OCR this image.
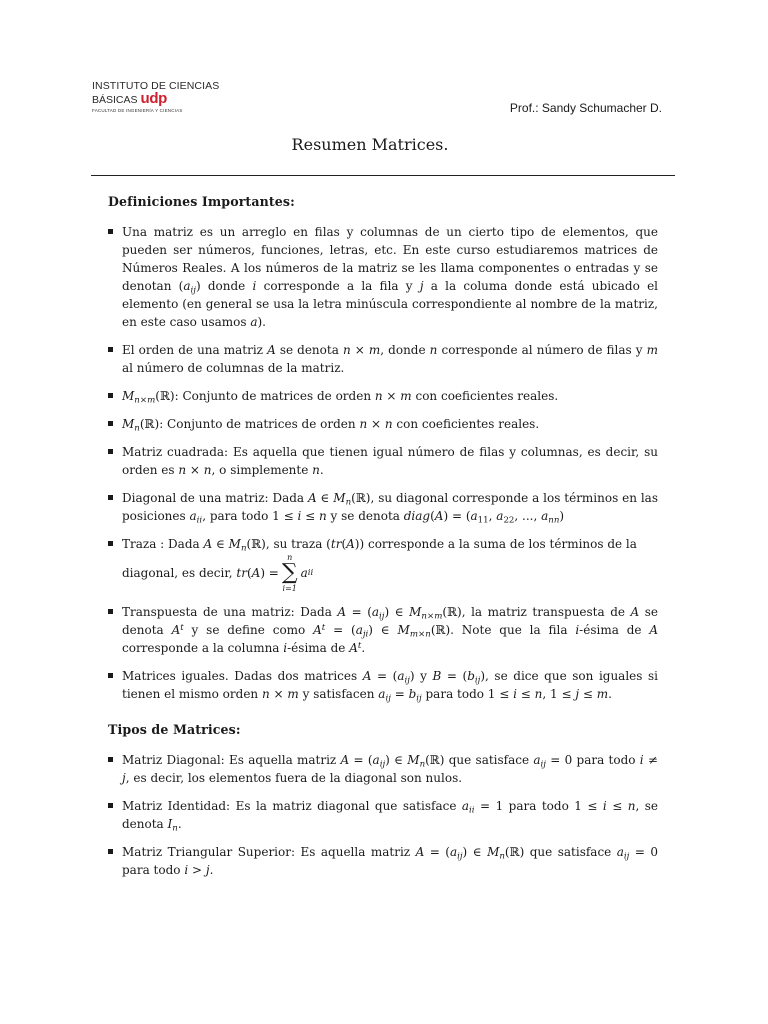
INSTITUTO DE CIENCIAS
BÁSICAS udp
FACULTAD DE INGENIERÍA Y CIENCIAS	Prof.: Sandy Schumacher D.
Resumen Matrices.
Definiciones Importantes:
Una matriz es un arreglo en filas y columnas de un cierto tipo de elementos, que pueden ser números, funciones, letras, etc. En este curso estudiaremos matrices de Números Reales. A los números de la matriz se les llama componentes o entradas y se denotan $(a_{ij})$ donde i corresponde a la fila y j a la columa donde está ubicado el elemento (en general se usa la letra minúscula correspondiente al nombre de la matriz, en este caso usamos a).
El orden de una matriz A se denota n × m, donde n corresponde al número de filas y m al número de columnas de la matriz.
$M_{n\times m}(ℝ)$: Conjunto de matrices de orden n × m con coeficientes reales.
$M_n(ℝ)$: Conjunto de matrices de orden n × n con coeficientes reales.
Matriz cuadrada: Es aquella que tienen igual número de filas y columnas, es decir, su orden es n × n, o simplemente n.
Diagonal de una matriz: Dada A ∈ $M_n(ℝ)$, su diagonal corresponde a los términos en las posiciones $a_{ii}$, para todo 1 ≤ i ≤ n y se denota diag(A) = ($a_{11}$, $a_{22}$, ..., $a_{nn}$)
Traza : Dada A ∈ $M_n(ℝ)$, su traza (tr(A)) corresponde a la suma de los términos de la

diagonal, es decir, tr ( A ) =
n
∑
i=1
a ii
Transpuesta de una matriz: Dada $A = (a_{ij})$ ∈ $M_{n\times m}(ℝ)$, la matriz transpuesta de A se denota $A^t$ y se define como $A^t = (a_{ji})$ ∈ $M_{m\times n}(ℝ)$. Note que la fila i-ésima de A corresponde a la columna i-ésima de $A^t$.
Matrices iguales. Dadas dos matrices $A = (a_{ij})$ y $B = (b_{ij})$, se dice que son iguales si tienen el mismo orden n × m y satisfacen $a_{ij} = b_{ij}$ para todo 1 ≤ i ≤ n, 1 ≤ j ≤ m.
Tipos de Matrices:
Matriz Diagonal: Es aquella matriz $A = (a_{ij})$ ∈ $M_n(ℝ)$ que satisface $a_{ij} = 0$ para todo i ≠ j, es decir, los elementos fuera de la diagonal son nulos.
Matriz Identidad: Es la matriz diagonal que satisface $a_{ii} = 1$ para todo 1 ≤ i ≤ n, se denota $I_n$.
Matriz Triangular Superior: Es aquella matriz $A = (a_{ij})$ ∈ $M_n(ℝ)$ que satisface $a_{ij} = 0$ para todo i > j.
